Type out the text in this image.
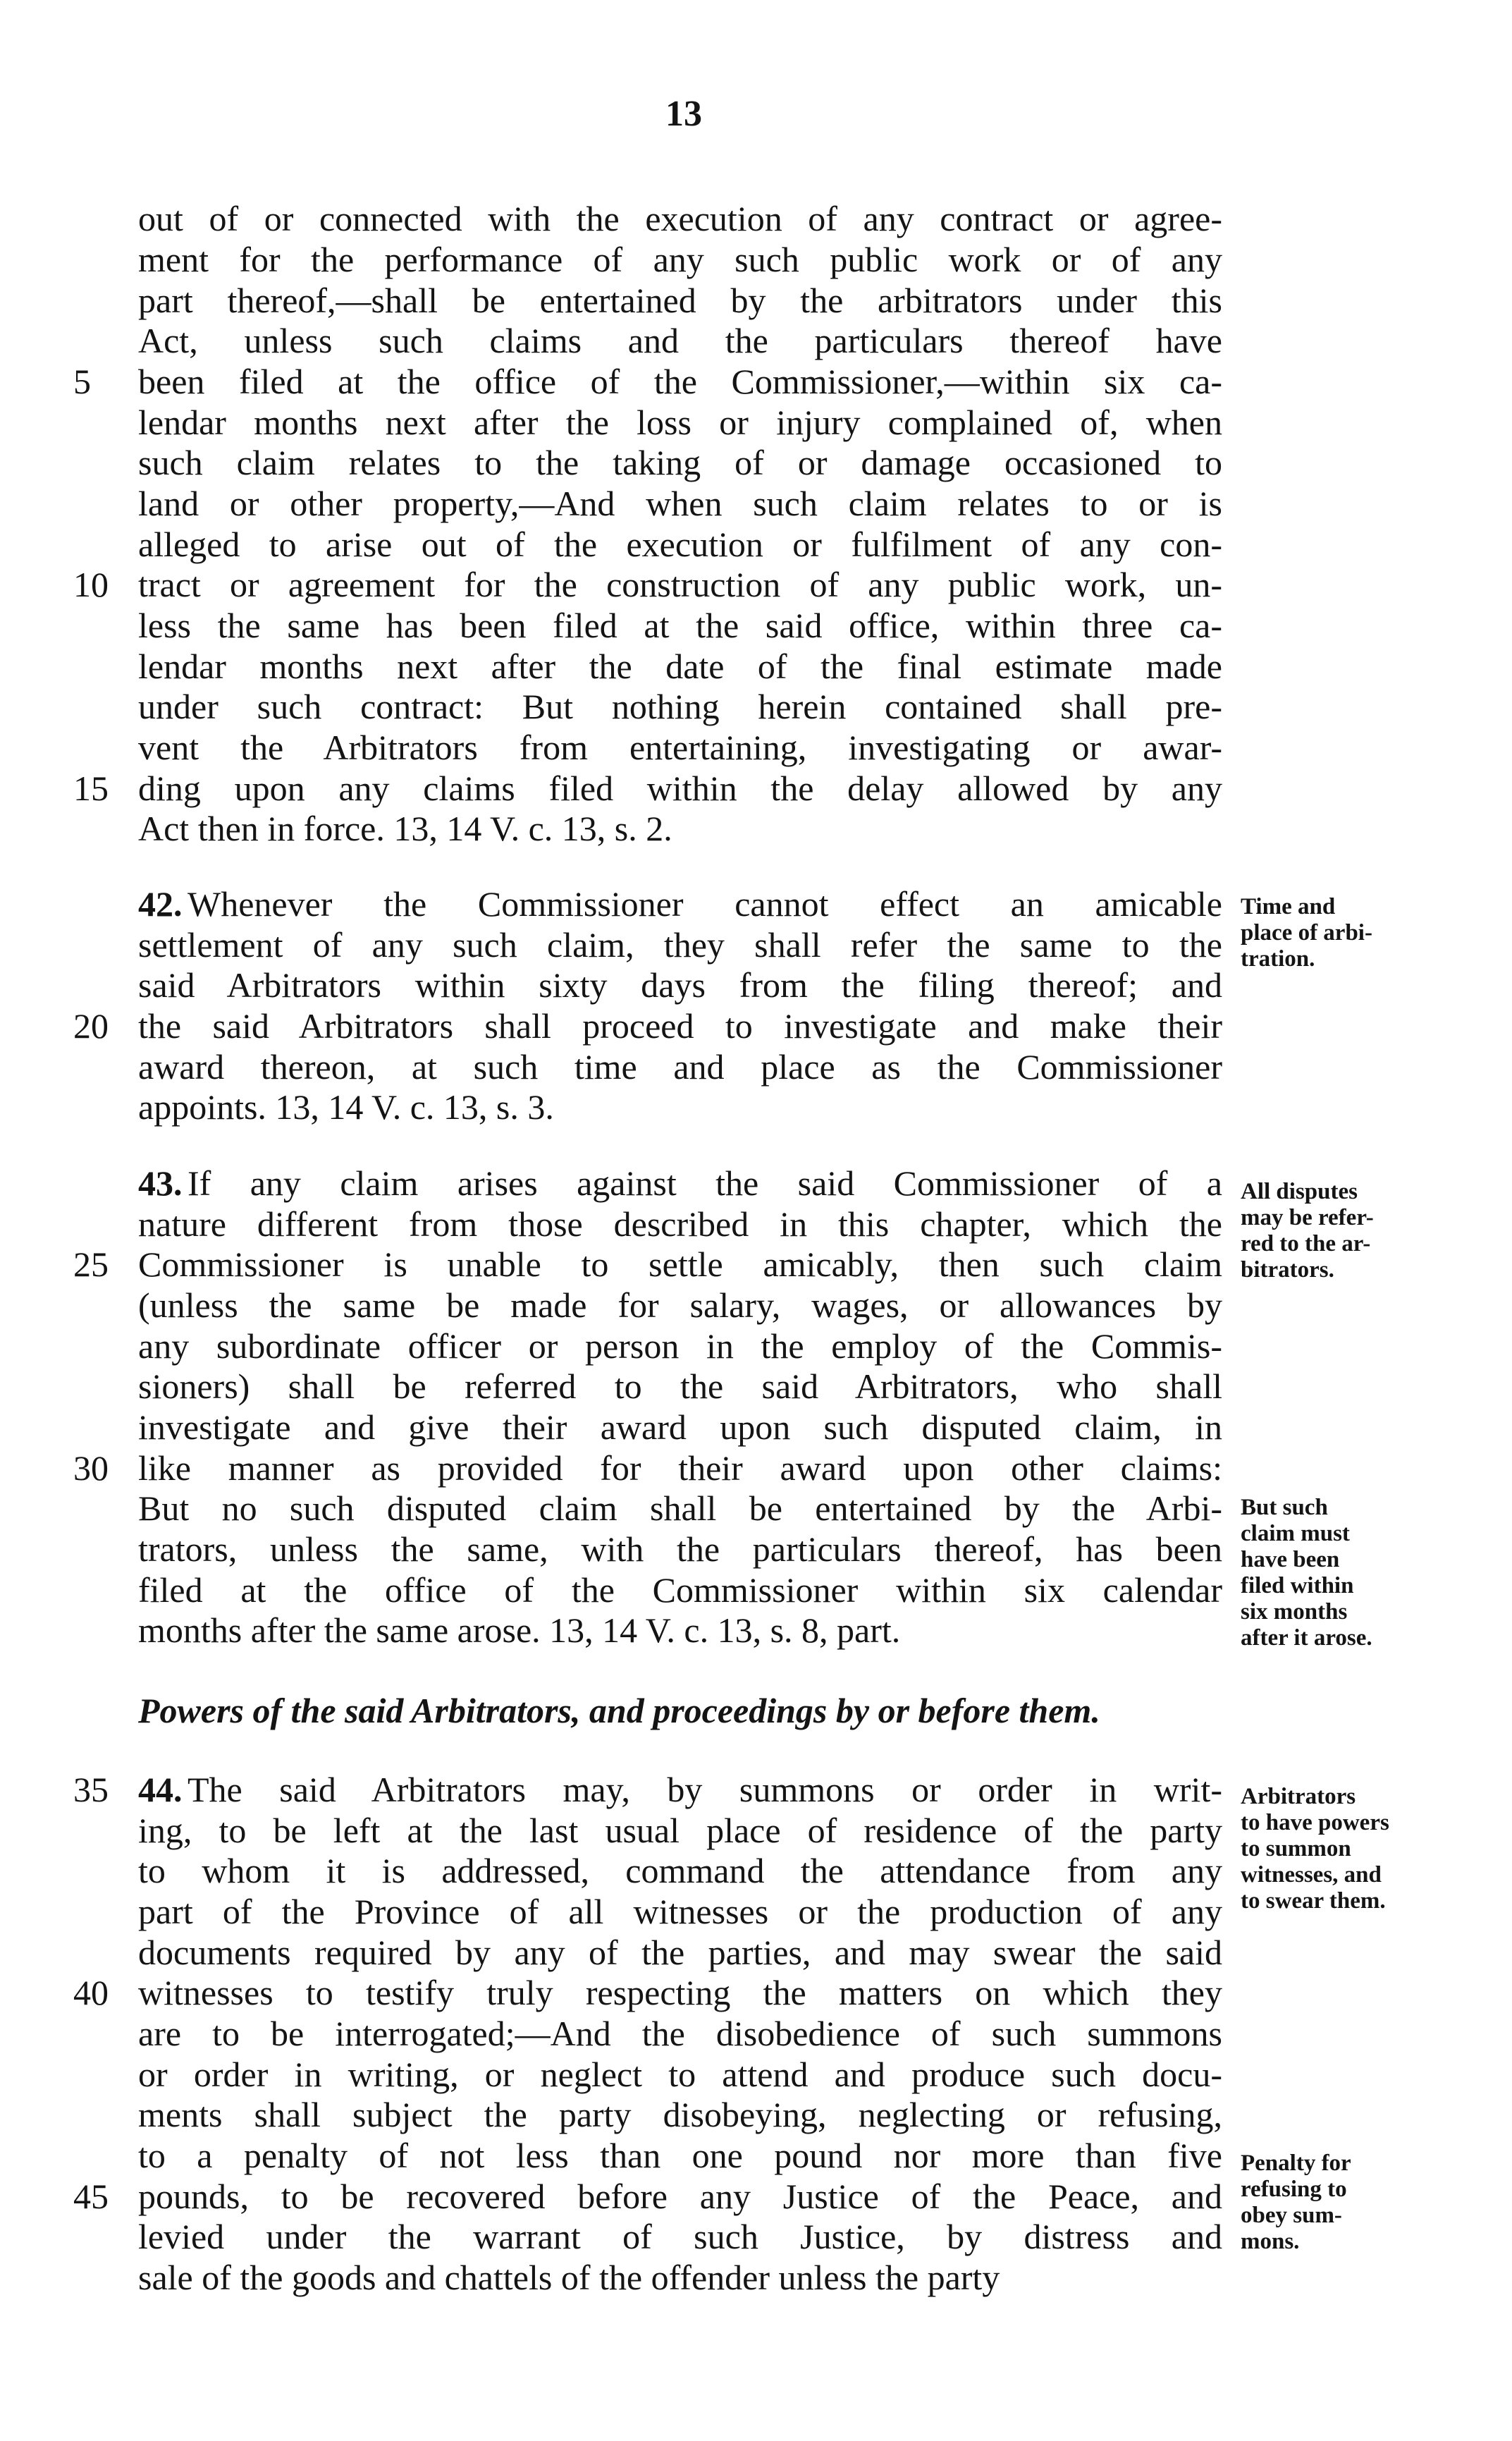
13
out of or connected with the execution of any contract or agree-
ment for the performance of any such public work or of any
part thereof,—shall be entertained by the arbitrators under this
Act, unless such claims and the particulars thereof have
been filed at the office of the Commissioner,—within six ca-
lendar months next after the loss or injury complained of, when
such claim relates to the taking of or damage occasioned to
land or other property,—And when such claim relates to or is
alleged to arise out of the execution or fulfilment of any con-
tract or agreement for the construction of any public work, un-
less the same has been filed at the said office, within three ca-
lendar months next after the date of the final estimate made
under such contract: But nothing herein contained shall pre-
vent the Arbitrators from entertaining, investigating or awar-
ding upon any claims filed within the delay allowed by any
Act then in force. 13, 14 V. c. 13, s. 2.
Whenever the Commissioner cannot effect an amicable
settlement of any such claim, they shall refer the same to the
said Arbitrators within sixty days from the filing thereof; and
the said Arbitrators shall proceed to investigate and make their
award thereon, at such time and place as the Commissioner
appoints. 13, 14 V. c. 13, s. 3.
If any claim arises against the said Commissioner of a
nature different from those described in this chapter, which the
Commissioner is unable to settle amicably, then such claim
(unless the same be made for salary, wages, or allowances by
any subordinate officer or person in the employ of the Commis-
sioners) shall be referred to the said Arbitrators, who shall
investigate and give their award upon such disputed claim, in
like manner as provided for their award upon other claims:
But no such disputed claim shall be entertained by the Arbi-
trators, unless the same, with the particulars thereof, has been
filed at the office of the Commissioner within six calendar
months after the same arose. 13, 14 V. c. 13, s. 8, part.
Powers of the said Arbitrators, and proceedings by or before them.
The said Arbitrators may, by summons or order in writ-
ing, to be left at the last usual place of residence of the party
to whom it is addressed, command the attendance from any
part of the Province of all witnesses or the production of any
documents required by any of the parties, and may swear the said
witnesses to testify truly respecting the matters on which they
are to be interrogated;—And the disobedience of such summons
or order in writing, or neglect to attend and produce such docu-
ments shall subject the party disobeying, neglecting or refusing,
to a penalty of not less than one pound nor more than five
pounds, to be recovered before any Justice of the Peace, and
levied under the warrant of such Justice, by distress and
sale of the goods and chattels of the offender unless the party
42.
43.
44.
5
10
15
20
25
30
35
40
45
Time and
place of arbi-
tration.
All disputes
may be refer-
red to the ar-
bitrators.
But such
claim must
have been
filed within
six months
after it arose.
Arbitrators
to have powers
to summon
witnesses, and
to swear them.
Penalty for
refusing to
obey sum-
mons.
